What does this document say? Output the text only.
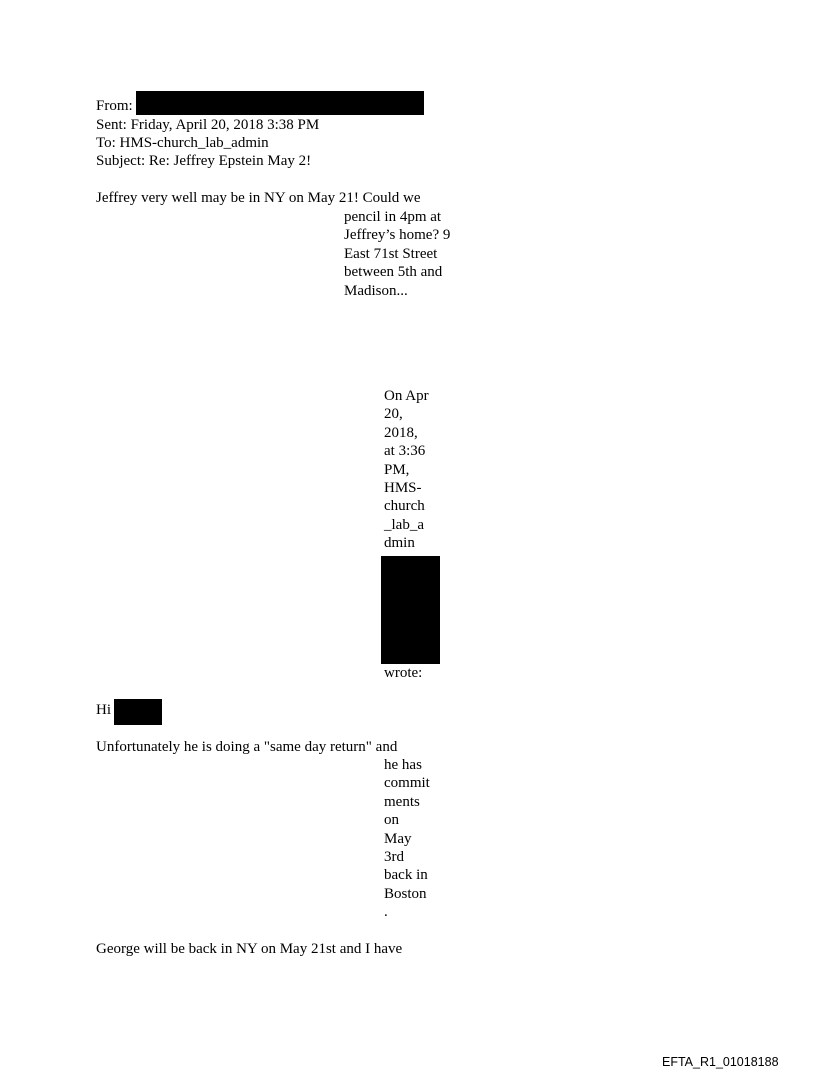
From:
Sent: Friday, April 20, 2018 3:38 PM
To: HMS-church_lab_admin
Subject: Re: Jeffrey Epstein May 2!
Jeffrey very well may be in NY on May 21! Could we
pencil in 4pm at
Jeffrey’s home? 9
East 71st Street
between 5th and
Madison...
On Apr
20,
2018,
at 3:36
PM,
HMS-
church
_lab_a
dmin
wrote:
Hi
Unfortunately he is doing a "same day return" and
he has
commit
ments
on
May
3rd
back in
Boston
.
George will be back in NY on May 21st and I have
EFTA_R1_01018188
